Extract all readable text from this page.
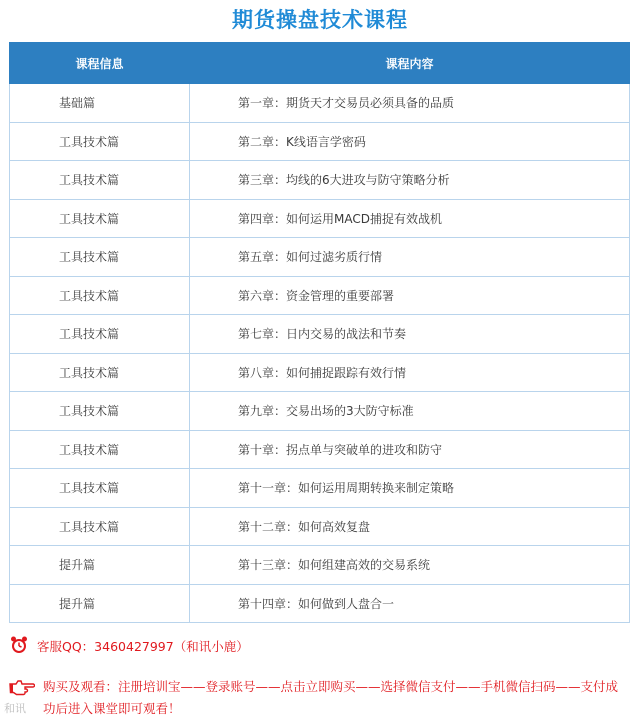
期货操盘技术课程
课程信息	课程内容
基础篇	第一章：期货天才交易员必须具备的品质
工具技术篇	第二章：K线语言学密码
工具技术篇	第三章：均线的6大进攻与防守策略分析
工具技术篇	第四章：如何运用MACD捕捉有效战机
工具技术篇	第五章：如何过滤劣质行情
工具技术篇	第六章：资金管理的重要部署
工具技术篇	第七章：日内交易的战法和节奏
工具技术篇	第八章：如何捕捉跟踪有效行情
工具技术篇	第九章：交易出场的3大防守标准
工具技术篇	第十章：拐点单与突破单的进攻和防守
工具技术篇	第十一章：如何运用周期转换来制定策略
工具技术篇	第十二章：如何高效复盘
提升篇	第十三章：如何组建高效的交易系统
提升篇	第十四章：如何做到人盘合一
客服QQ：3460427997（和讯小鹿）
购买及观看：注册培训宝——登录账号——点击立即购买——选择微信支付——手机微信扫码——支付成功后进入课堂即可观看！
和讯
